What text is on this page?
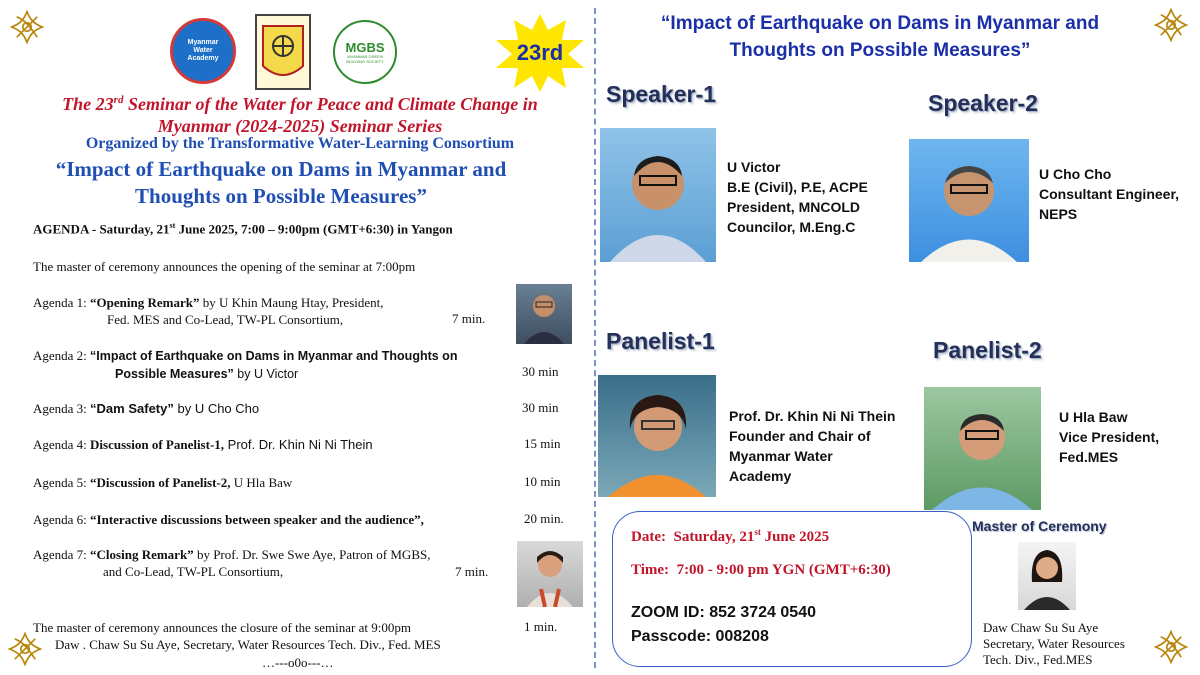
Myanmar Water Academy
MGBS
MYANMAR GREEN BUILDING SOCIETY	23rd
The 23rd Seminar of the Water for Peace and Climate Change in
Myanmar (2024-2025) Seminar Series
Organized by the Transformative Water-Learning Consortium
“Impact of Earthquake on Dams in Myanmar and
Thoughts on Possible Measures”
AGENDA - Saturday, 21st June 2025, 7:00 – 9:00pm (GMT+6:30) in Yangon
The master of ceremony announces the opening of the seminar at 7:00pm
Agenda 1: “Opening Remark” by U Khin Maung Htay, President,
Fed. MES and Co-Lead, TW-PL Consortium,	7 min.
Agenda 2: “Impact of Earthquake on Dams in Myanmar and Thoughts on
Possible Measures” by U Victor	30 min
Agenda 3: “Dam Safety” by U Cho Cho	30 min
Agenda 4: Discussion of Panelist-1, Prof. Dr. Khin Ni Ni Thein	15 min
Agenda 5: “Discussion of Panelist-2, U Hla Baw	10 min
Agenda 6: “Interactive discussions between speaker and the audience”,	20 min.
Agenda 7: “Closing Remark” by Prof. Dr. Swe Swe Aye, Patron of MGBS,
and Co-Lead, TW-PL Consortium,	7 min.
The master of ceremony announces the closure of the seminar at 9:00pm	1 min.
Daw . Chaw Su Su Aye, Secretary, Water Resources Tech. Div., Fed. MES
…---o0o---…
“Impact of Earthquake on Dams in Myanmar and
Thoughts on Possible Measures”
Speaker-1
U Victor
B.E (Civil), P.E, ACPE
President, MNCOLD
Councilor, M.Eng.C
Speaker-2
U Cho Cho
Consultant Engineer,
NEPS
Panelist-1
Prof. Dr. Khin Ni Ni Thein
Founder and Chair of
Myanmar Water
Academy
Panelist-2
U Hla Baw
Vice President,
Fed.MES
Date: Saturday, 21st June 2025
Time: 7:00 - 9:00 pm YGN (GMT+6:30)
ZOOM ID: 852 3724 0540
Passcode: 008208
Master of Ceremony
Daw Chaw Su Su Aye
Secretary, Water Resources
Tech. Div., Fed.MES
